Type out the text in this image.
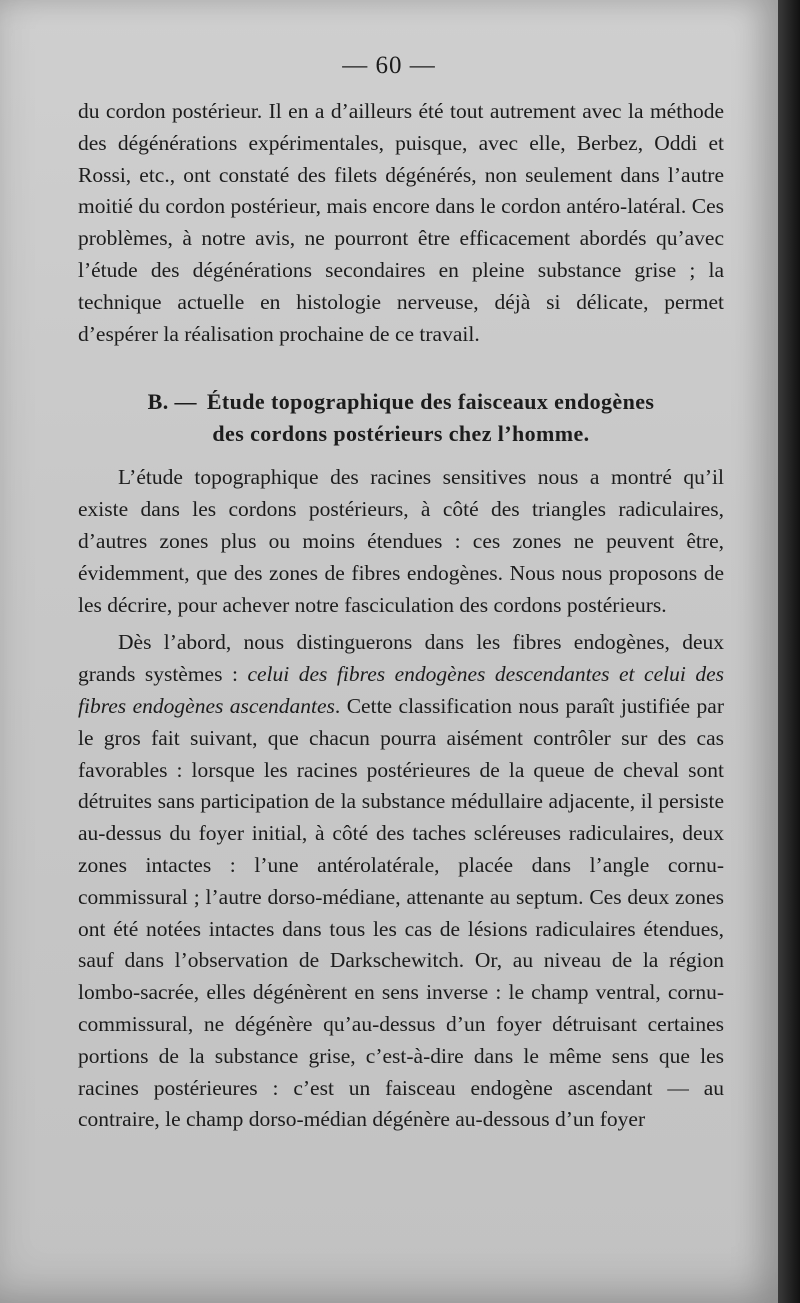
— 60 —

du cordon postérieur. Il en a d’ailleurs été tout autrement avec la méthode des dégénérations expérimentales, puisque, avec elle, Berbez, Oddi et Rossi, etc., ont constaté des filets dégénérés, non seulement dans l’autre moitié du cordon postérieur, mais encore dans le cordon antéro-latéral. Ces problèmes, à notre avis, ne pourront être efficacement abordés qu’avec l’étude des dégénérations secondaires en pleine substance grise ; la technique actuelle en histologie nerveuse, déjà si délicate, permet d’espérer la réalisation prochaine de ce travail.

B. — Étude topographique des faisceaux endogènes
des cordons postérieurs chez l’homme.

L’étude topographique des racines sensitives nous a montré qu’il existe dans les cordons postérieurs, à côté des triangles radiculaires, d’autres zones plus ou moins étendues : ces zones ne peuvent être, évidemment, que des zones de fibres endogènes. Nous nous proposons de les décrire, pour achever notre fasciculation des cordons postérieurs.

Dès l’abord, nous distinguerons dans les fibres endogènes, deux grands systèmes : celui des fibres endogènes descendantes et celui des fibres endogènes ascendantes. Cette classification nous paraît justifiée par le gros fait suivant, que chacun pourra aisément contrôler sur des cas favorables : lorsque les racines postérieures de la queue de cheval sont détruites sans participation de la substance médullaire adjacente, il persiste au-dessus du foyer initial, à côté des taches scléreuses radiculaires, deux zones intactes : l’une antérolatérale, placée dans l’angle cornu-commissural ; l’autre dorso-médiane, attenante au septum. Ces deux zones ont été notées intactes dans tous les cas de lésions radiculaires étendues, sauf dans l’observation de Darkschewitch. Or, au niveau de la région lombo-sacrée, elles dégénèrent en sens inverse : le champ ventral, cornu-commissural, ne dégénère qu’au-dessus d’un foyer détruisant certaines portions de la substance grise, c’est-à-dire dans le même sens que les racines postérieures : c’est un faisceau endogène ascendant — au contraire, le champ dorso-médian dégénère au-dessous d’un foyer
